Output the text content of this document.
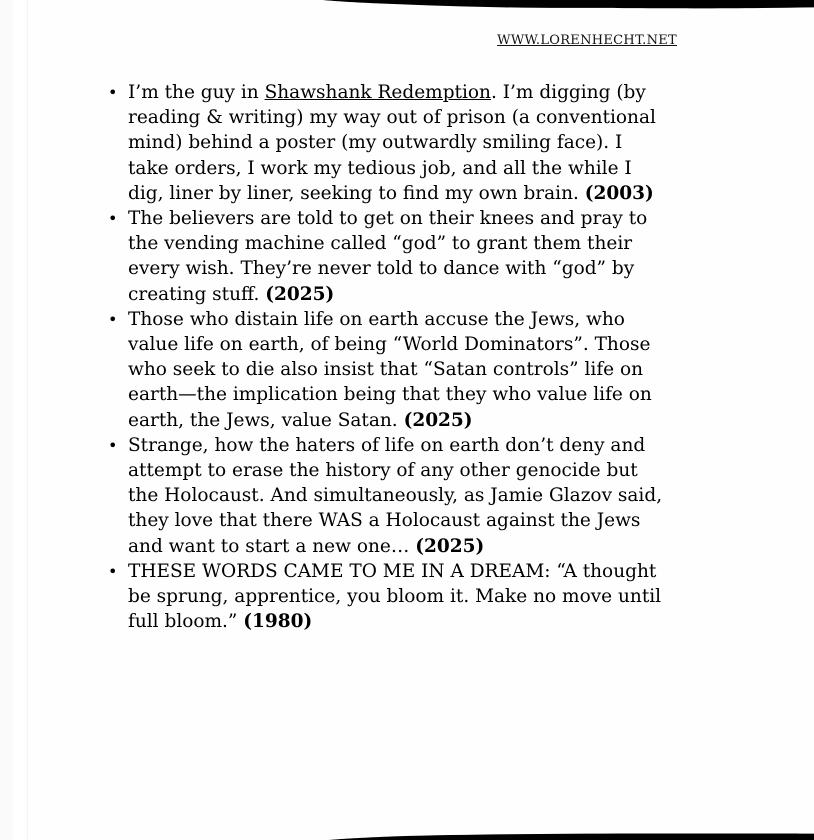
WWW.LORENHECHT.NET
• I’m the guy in Shawshank Redemption. I’m digging (by reading & writing) my way out of prison (a conventional mind) behind a poster (my outwardly smiling face). I take orders, I work my tedious job, and all the while I dig, liner by liner, seeking to find my own brain. (2003)
• The believers are told to get on their knees and pray to the vending machine called “god” to grant them their every wish. They’re never told to dance with “god” by creating stuff. (2025)
• Those who distain life on earth accuse the Jews, who value life on earth, of being “World Dominators”. Those who seek to die also insist that “Satan controls” life on earth—the implication being that they who value life on earth, the Jews, value Satan. (2025)
• Strange, how the haters of life on earth don’t deny and attempt to erase the history of any other genocide but the Holocaust. And simultaneously, as Jamie Glazov said, they love that there WAS a Holocaust against the Jews and want to start a new one… (2025)
• THESE WORDS CAME TO ME IN A DREAM: “A thought be sprung, apprentice, you bloom it. Make no move until full bloom.” (1980)
